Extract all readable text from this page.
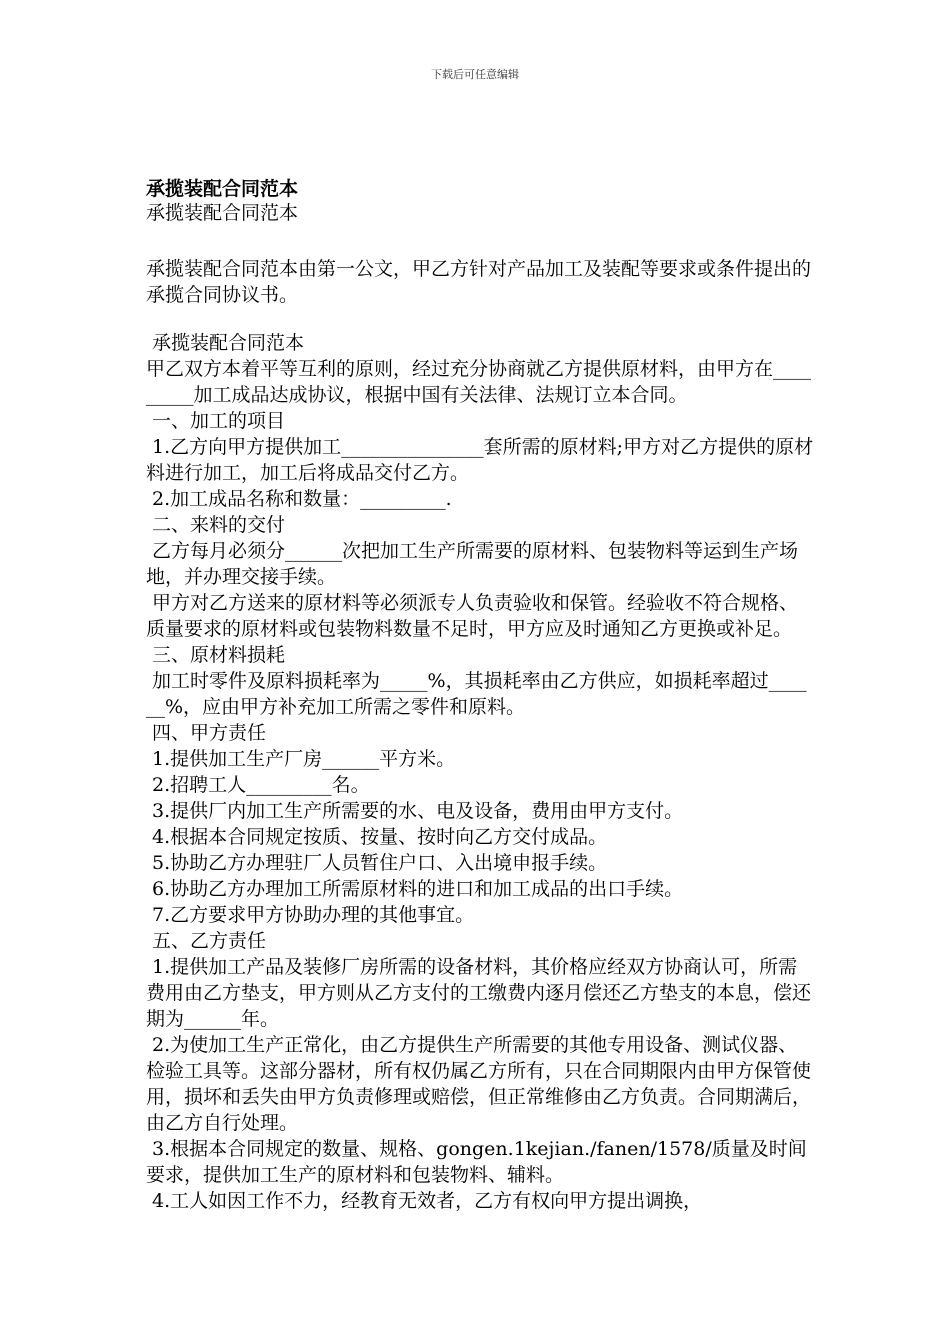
下载后可任意编辑

承揽装配合同范本

承揽装配合同范本

承揽装配合同范本由第一公文，甲乙方针对产品加工及装配等要求或条件提出的承揽合同协议书。

承揽装配合同范本

甲乙双方本着平等互利的原则，经过充分协商就乙方提供原材料，由甲方在_________加工成品达成协议，根据中国有关法律、法规订立本合同。

一、加工的项目

1.乙方向甲方提供加工_______________套所需的原材料;甲方对乙方提供的原材料进行加工，加工后将成品交付乙方。

2.加工成品名称和数量：_________.

二、来料的交付

乙方每月必须分______次把加工生产所需要的原材料、包装物料等运到生产场地，并办理交接手续。

甲方对乙方送来的原材料等必须派专人负责验收和保管。经验收不符合规格、质量要求的原材料或包装物料数量不足时，甲方应及时通知乙方更换或补足。

三、原材料损耗

加工时零件及原料损耗率为_____%，其损耗率由乙方供应，如损耗率超过______%，应由甲方补充加工所需之零件和原料。

四、甲方责任

1.提供加工生产厂房______平方米。

2.招聘工人_________名。

3.提供厂内加工生产所需要的水、电及设备，费用由甲方支付。

4.根据本合同规定按质、按量、按时向乙方交付成品。

5.协助乙方办理驻厂人员暂住户口、入出境申报手续。

6.协助乙方办理加工所需原材料的进口和加工成品的出口手续。

7.乙方要求甲方协助办理的其他事宜。

五、乙方责任

1.提供加工产品及装修厂房所需的设备材料，其价格应经双方协商认可，所需费用由乙方垫支，甲方则从乙方支付的工缴费内逐月偿还乙方垫支的本息，偿还期为______年。

2.为使加工生产正常化，由乙方提供生产所需要的其他专用设备、测试仪器、检验工具等。这部分器材，所有权仍属乙方所有，只在合同期限内由甲方保管使用，损坏和丢失由甲方负责修理或赔偿，但正常维修由乙方负责。合同期满后，由乙方自行处理。

3.根据本合同规定的数量、规格、gongen.1kejian./fanen/1578/质量及时间要求，提供加工生产的原材料和包装物料、辅料。

4.工人如因工作不力，经教育无效者，乙方有权向甲方提出调换，
